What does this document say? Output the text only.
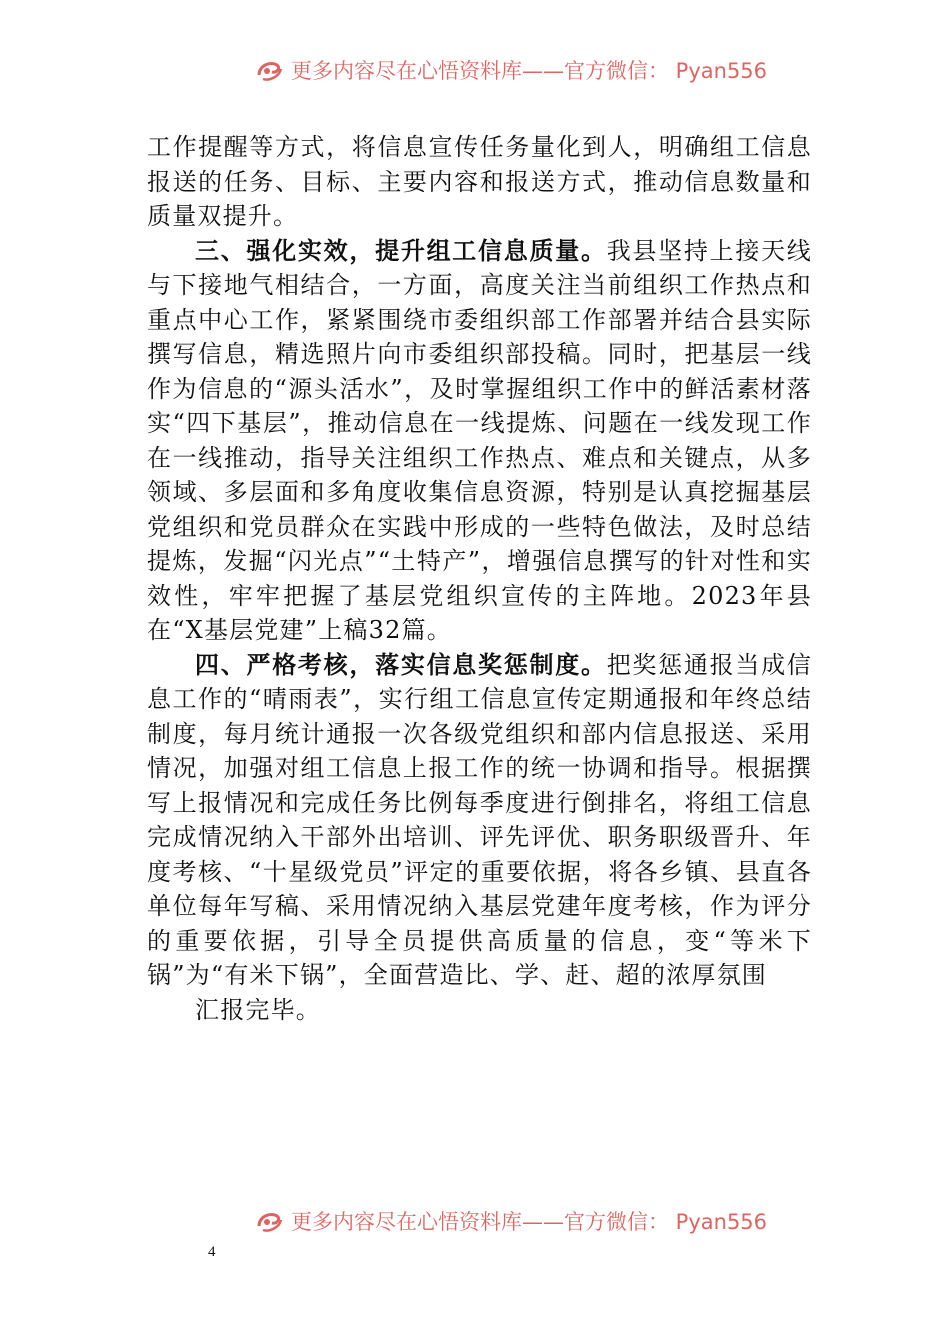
更多内容尽在心悟资料库——官方微信： Pyan556

工作提醒等方式，将信息宣传任务量化到人，明确组工信息报送的任务、目标、主要内容和报送方式，推动信息数量和质量双提升。

三、强化实效，提升组工信息质量。我县坚持上接天线与下接地气相结合，一方面，高度关注当前组织工作热点和重点中心工作，紧紧围绕市委组织部工作部署并结合县实际撰写信息，精选照片向市委组织部投稿。同时，把基层一线作为信息的“源头活水”，及时掌握组织工作中的鲜活素材落实“四下基层”，推动信息在一线提炼、问题在一线发现工作在一线推动，指导关注组织工作热点、难点和关键点，从多领域、多层面和多角度收集信息资源，特别是认真挖掘基层党组织和党员群众在实践中形成的一些特色做法，及时总结提炼，发掘“闪光点”“土特产”，增强信息撰写的针对性和实效性，牢牢把握了基层党组织宣传的主阵地。2023年县在“X基层党建”上稿32篇。

四、严格考核，落实信息奖惩制度。把奖惩通报当成信息工作的“晴雨表”，实行组工信息宣传定期通报和年终总结制度，每月统计通报一次各级党组织和部内信息报送、采用情况，加强对组工信息上报工作的统一协调和指导。根据撰写上报情况和完成任务比例每季度进行倒排名，将组工信息完成情况纳入干部外出培训、评先评优、职务职级晋升、年度考核、“十星级党员”评定的重要依据，将各乡镇、县直各单位每年写稿、采用情况纳入基层党建年度考核，作为评分的重要依据，引导全员提供高质量的信息，变“等米下锅”为“有米下锅”，全面营造比、学、赶、超的浓厚氛围

汇报完毕。

更多内容尽在心悟资料库——官方微信： Pyan556
4
